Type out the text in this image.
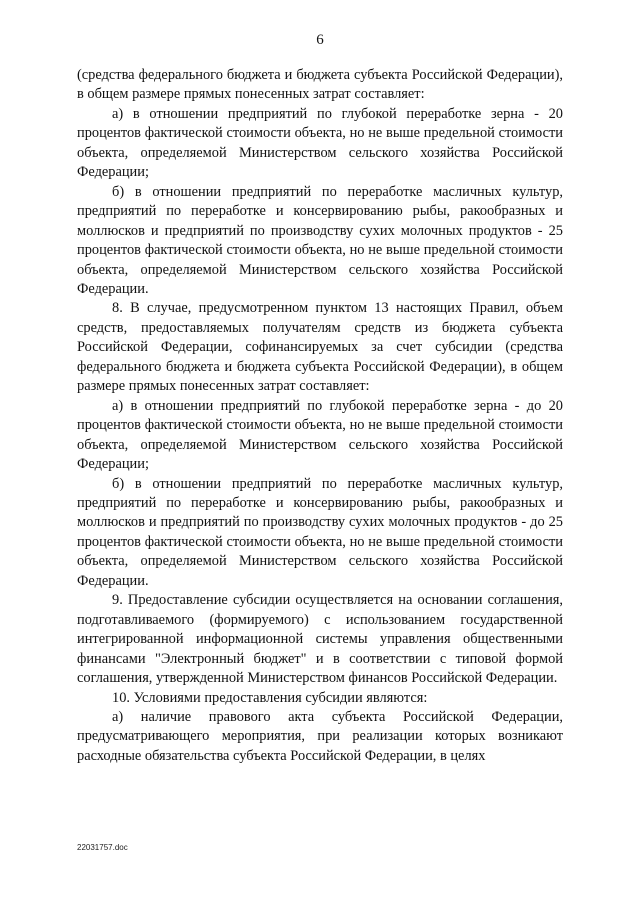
6

(средства федерального бюджета и бюджета субъекта Российской Федерации), в общем размере прямых понесенных затрат составляет:

а) в отношении предприятий по глубокой переработке зерна - 20 процентов фактической стоимости объекта, но не выше предельной стоимости объекта, определяемой Министерством сельского хозяйства Российской Федерации;

б) в отношении предприятий по переработке масличных культур, предприятий по переработке и консервированию рыбы, ракообразных и моллюсков и предприятий по производству сухих молочных продуктов - 25 процентов фактической стоимости объекта, но не выше предельной стоимости объекта, определяемой Министерством сельского хозяйства Российской Федерации.

8. В случае, предусмотренном пунктом 13 настоящих Правил, объем средств, предоставляемых получателям средств из бюджета субъекта Российской Федерации, софинансируемых за счет субсидии (средства федерального бюджета и бюджета субъекта Российской Федерации), в общем размере прямых понесенных затрат составляет:

а) в отношении предприятий по глубокой переработке зерна - до 20 процентов фактической стоимости объекта, но не выше предельной стоимости объекта, определяемой Министерством сельского хозяйства Российской Федерации;

б) в отношении предприятий по переработке масличных культур, предприятий по переработке и консервированию рыбы, ракообразных и моллюсков и предприятий по производству сухих молочных продуктов - до 25 процентов фактической стоимости объекта, но не выше предельной стоимости объекта, определяемой Министерством сельского хозяйства Российской Федерации.

9. Предоставление субсидии осуществляется на основании соглашения, подготавливаемого (формируемого) с использованием государственной интегрированной информационной системы управления общественными финансами "Электронный бюджет" и в соответствии с типовой формой соглашения, утвержденной Министерством финансов Российской Федерации.

10. Условиями предоставления субсидии являются:

а) наличие правового акта субъекта Российской Федерации, предусматривающего мероприятия, при реализации которых возникают расходные обязательства субъекта Российской Федерации, в целях

22031757.doc
